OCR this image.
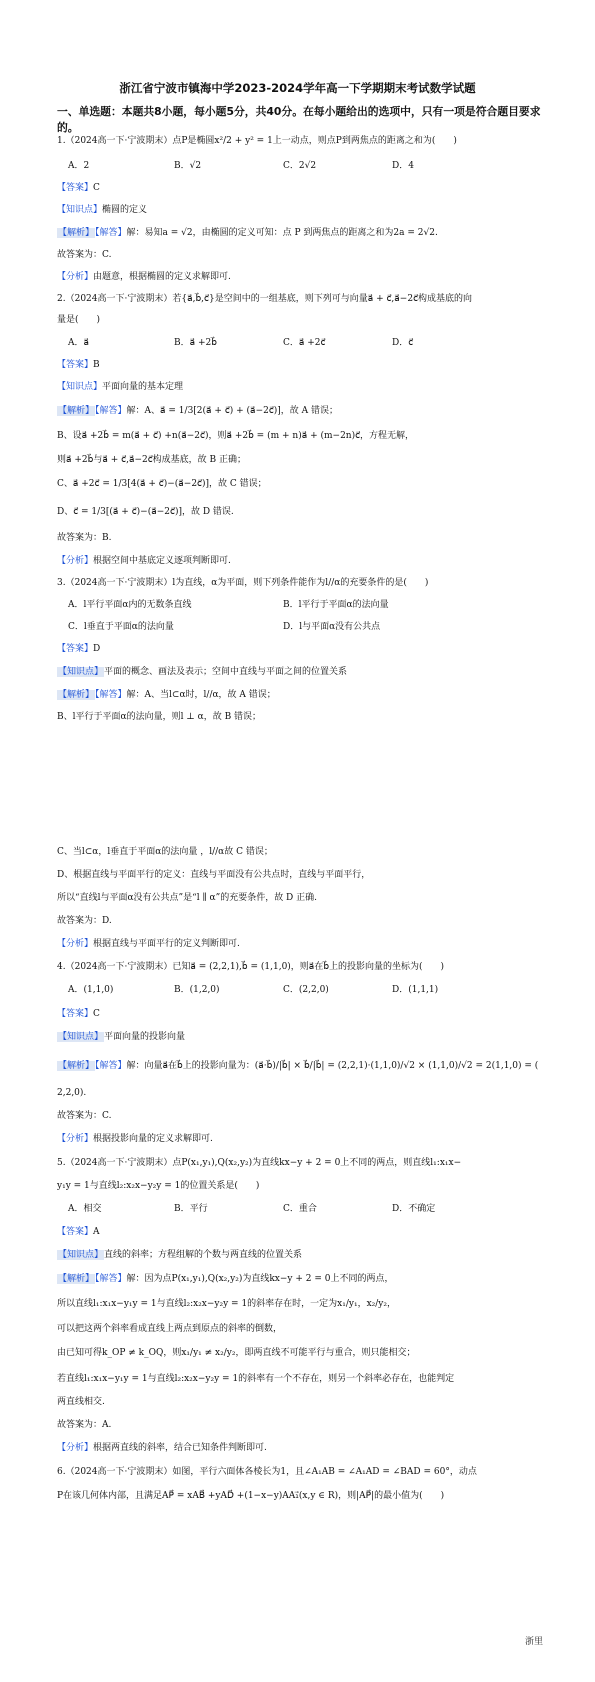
浙江省宁波市镇海中学2023-2024学年高一下学期期末考试数学试题
一、单选题：本题共8小题，每小题5分，共40分。在每小题给出的选项中，只有一项是符合题目要求的。
1.（2024高一下·宁波期末）点P是椭圆x²/2 + y² = 1上一动点，则点P到两焦点的距离之和为(　　)
A．2	B．√2	C．2√2	D．4
【答案】C
【知识点】椭圆的定义
【解析】【解答】解：易知a = √2，由椭圆的定义可知：点 P 到两焦点的距离之和为2a = 2√2.
故答案为：C.
【分析】由题意，根据椭圆的定义求解即可.
2.（2024高一下·宁波期末）若{a⃗,b⃗,c⃗}是空间中的一组基底，则下列可与向量a⃗ + c⃗,a⃗−2c⃗构成基底的向
量是(　　)
A．a⃗	B．a⃗ +2b⃗	C．a⃗ +2c⃗	D．c⃗
【答案】B
【知识点】平面向量的基本定理
【解析】【解答】解：A、a⃗ = 1/3[2(a⃗ + c⃗) + (a⃗−2c⃗)]，故 A 错误；
B、设a⃗ +2b⃗ = m(a⃗ + c⃗) +n(a⃗−2c⃗)，则a⃗ +2b⃗ = (m + n)a⃗ + (m−2n)c⃗，方程无解，
则a⃗ +2b⃗与a⃗ + c⃗,a⃗−2c⃗构成基底，故 B 正确；
C、a⃗ +2c⃗ = 1/3[4(a⃗ + c⃗)−(a⃗−2c⃗)]，故 C 错误；
D、c⃗ = 1/3[(a⃗ + c⃗)−(a⃗−2c⃗)]，故 D 错误.
故答案为：B.
【分析】根据空间中基底定义逐项判断即可.
3.（2024高一下·宁波期末）l为直线，α为平面，则下列条件能作为l//α的充要条件的是(　　)
A．l平行平面α内的无数条直线	B．l平行于平面α的法向量
C．l垂直于平面α的法向量	D．l与平面α没有公共点
【答案】D
【知识点】平面的概念、画法及表示；空间中直线与平面之间的位置关系
【解析】【解答】解：A、当l⊂α时，l//α，故 A 错误；
B、l平行于平面α的法向量，则l ⊥ α，故 B 错误；
C、当l⊂α，l垂直于平面α的法向量 ，l//α故 C 错误；
D、根据直线与平面平行的定义：直线与平面没有公共点时，直线与平面平行，
所以“直线l与平面α没有公共点”是“l ∥ α”的充要条件，故 D 正确.
故答案为：D.
【分析】根据直线与平面平行的定义判断即可.
4.（2024高一下·宁波期末）已知a⃗ = (2,2,1),b⃗ = (1,1,0)，则a⃗在b⃗上的投影向量的坐标为(　　)
A．(1,1,0)	B．(1,2,0)	C．(2,2,0)	D．(1,1,1)
【答案】C
【知识点】平面向量的投影向量
【解析】【解答】解：向量a⃗在b⃗上的投影向量为：(a⃗·b⃗)/|b⃗| × b⃗/|b⃗| = (2,2,1)·(1,1,0)/√2 × (1,1,0)/√2 = 2(1,1,0) = (
2,2,0).
故答案为：C.
【分析】根据投影向量的定义求解即可.
5.（2024高一下·宁波期末）点P(x₁,y₁),Q(x₂,y₂)为直线kx−y + 2 = 0上不同的两点，则直线l₁:x₁x−
y₁y = 1与直线l₂:x₂x−y₂y = 1的位置关系是(　　)
A．相交	B．平行	C．重合	D．不确定
【答案】A
【知识点】直线的斜率；方程组解的个数与两直线的位置关系
【解析】【解答】解：因为点P(x₁,y₁),Q(x₂,y₂)为直线kx−y + 2 = 0上不同的两点，
所以直线l₁:x₁x−y₁y = 1与直线l₂:x₂x−y₂y = 1的斜率存在时，一定为x₁/y₁，x₂/y₂，
可以把这两个斜率看成直线上两点到原点的斜率的倒数，
由已知可得k_OP ≠ k_OQ，则x₁/y₁ ≠ x₂/y₂，即两直线不可能平行与重合，则只能相交；
若直线l₁:x₁x−y₁y = 1与直线l₂:x₂x−y₂y = 1的斜率有一个不存在，则另一个斜率必存在，也能判定
两直线相交.
故答案为：A.
【分析】根据两直线的斜率，结合已知条件判断即可.
6.（2024高一下·宁波期末）如图，平行六面体各棱长为1，且∠A₁AB = ∠A₁AD = ∠BAD = 60°，动点
P在该几何体内部，且满足AP⃗ = xAB⃗ +yAD⃗ +(1−x−y)AA₁⃗(x,y ∈ R)，则|AP⃗|的最小值为(　　)
浙里
